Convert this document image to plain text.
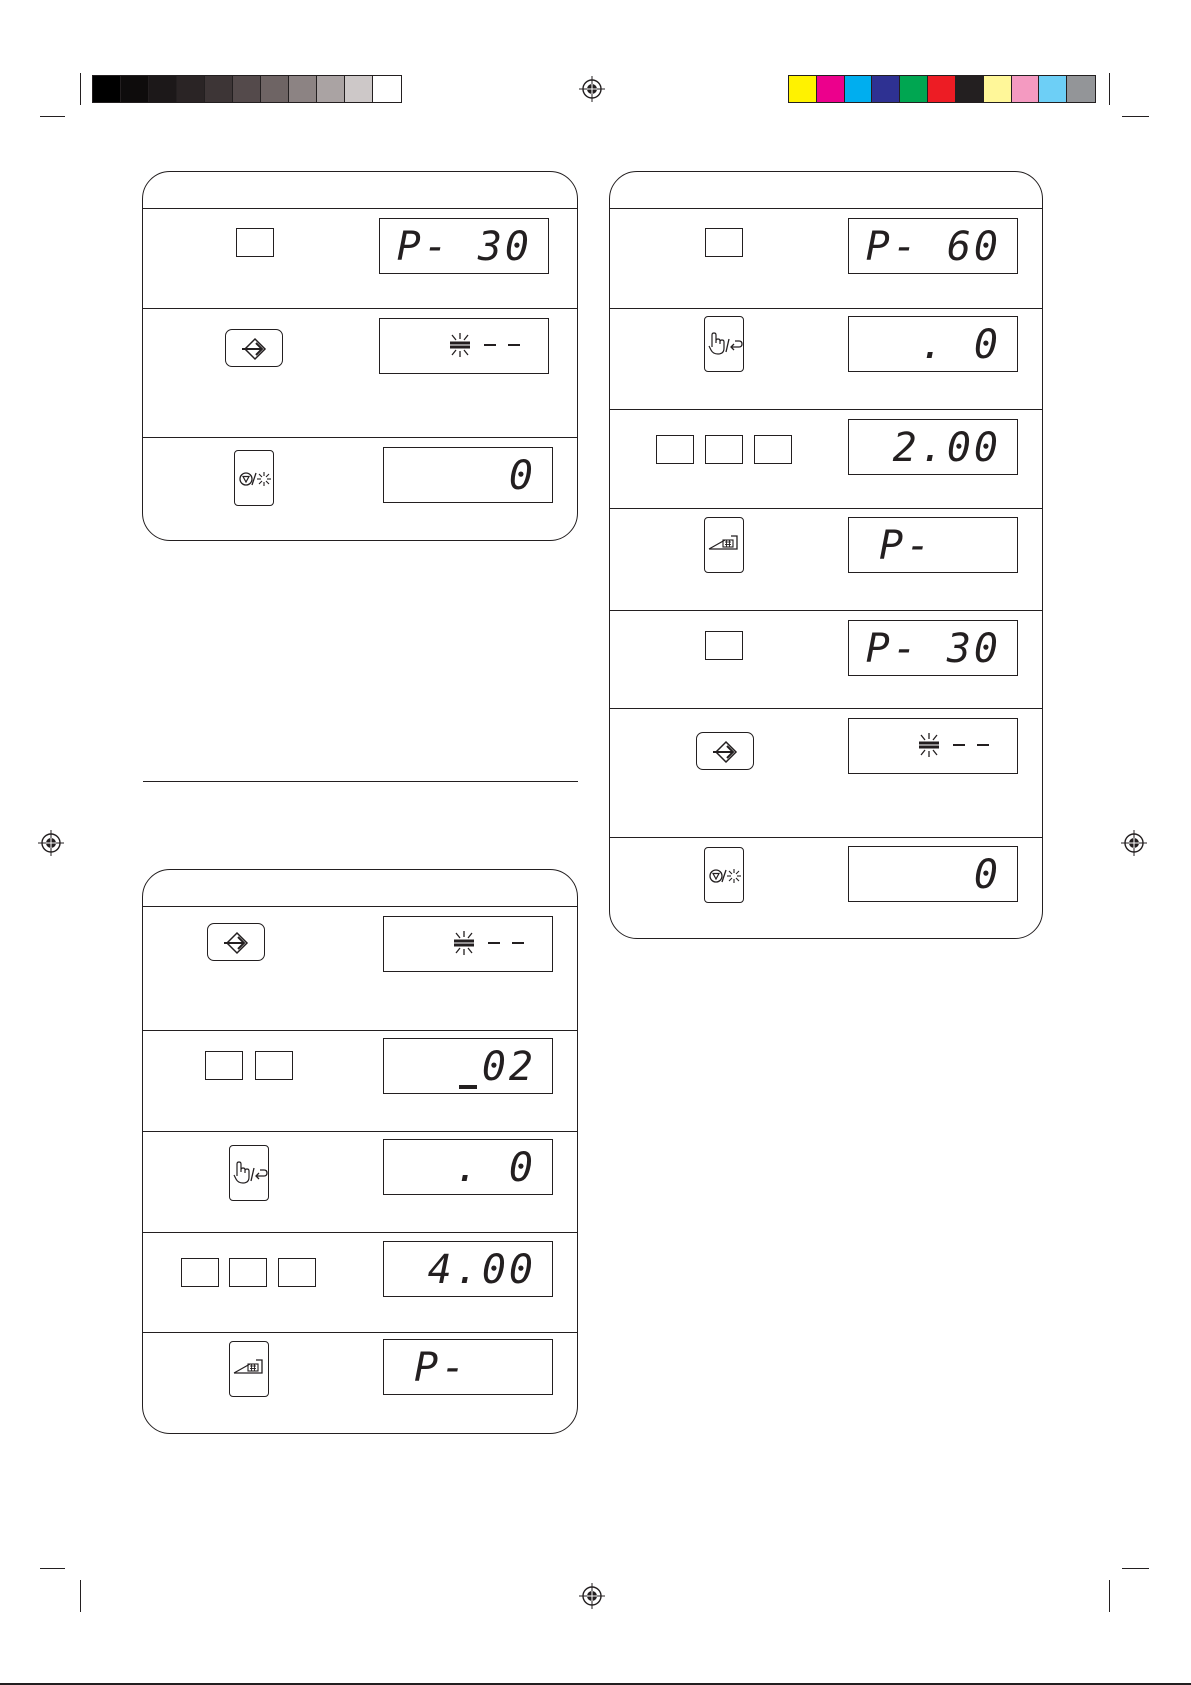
P- 30
0
02
. 0
4.00
P-
P- 60
. 0
2.00
P-
P- 30
0
